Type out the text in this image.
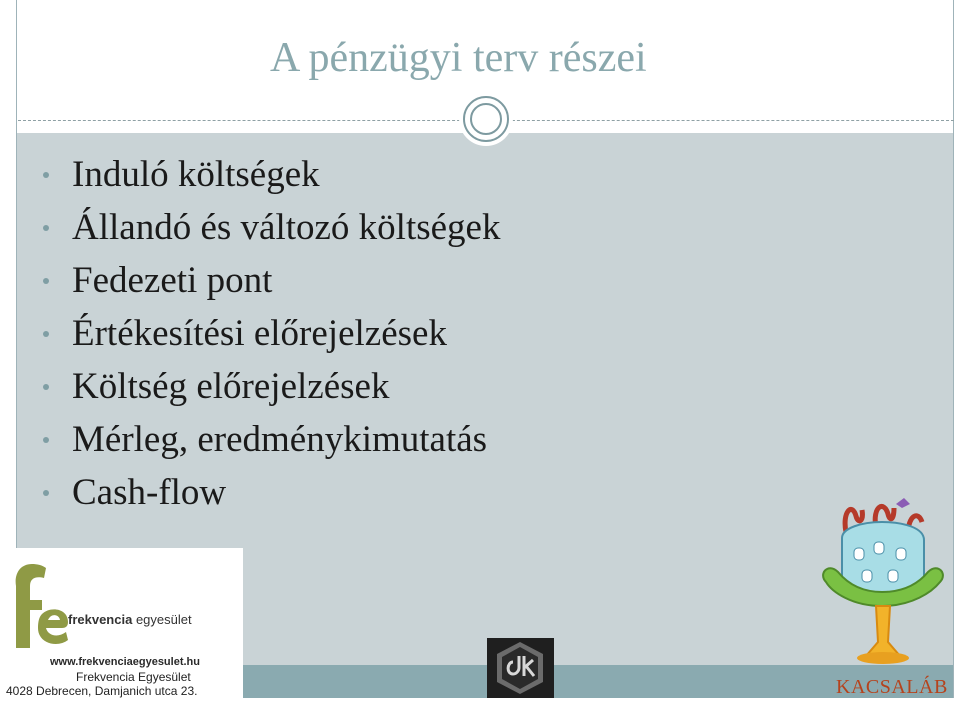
A pénzügyi terv részei
Induló költségek
Állandó és változó költségek
Fedezeti pont
Értékesítési előrejelzések
Költség előrejelzések
Mérleg, eredménykimutatás
Cash-flow
frekvencia egyesület
www.frekvenciaegyesulet.hu
Frekvencia Egyesület
4028 Debrecen, Damjanich utca 23.	KACSALÁB
